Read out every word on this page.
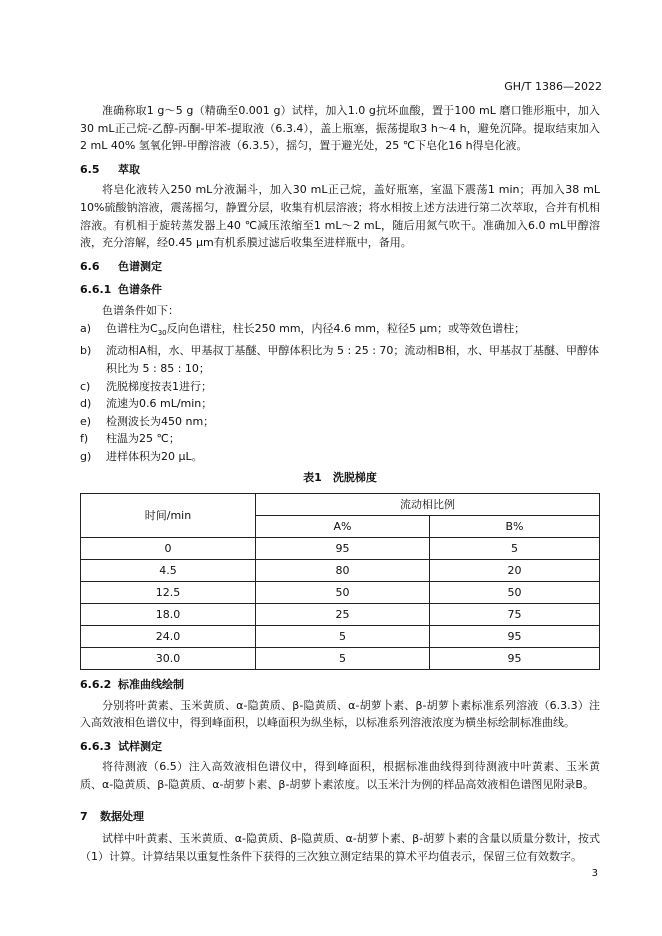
GH/T 1386—2022

准确称取1 g～5 g（精确至0.001 g）试样，加入1.0 g抗坏血酸，置于100 mL 磨口锥形瓶中，加入30 mL正己烷-乙醇-丙酮-甲苯-提取液（6.3.4），盖上瓶塞，振荡提取3 h～4 h，避免沉降。提取结束加入2 mL 40% 氢氧化钾-甲醇溶液（6.3.5），摇匀，置于避光处，25 ℃下皂化16 h得皂化液。

6.5 萃取

将皂化液转入250 mL分液漏斗，加入30 mL正己烷，盖好瓶塞，室温下震荡1 min；再加入38 mL 10%硫酸钠溶液，震荡摇匀，静置分层，收集有机层溶液；将水相按上述方法进行第二次萃取，合并有机相溶液。有机相于旋转蒸发器上40 ℃减压浓缩至1 mL～2 mL，随后用氮气吹干。准确加入6.0 mL甲醇溶液，充分溶解，经0.45 μm有机系膜过滤后收集至进样瓶中，备用。

6.6 色谱测定
6.6.1 色谱条件

色谱条件如下：

a) 色谱柱为$C_{30}$反向色谱柱，柱长250 mm，内径4.6 mm，粒径5 μm；或等效色谱柱；
b) 流动相A相，水、甲基叔丁基醚、甲醇体积比为 5 : 25 : 70；流动相B相，水、甲基叔丁基醚、甲醇体积比为 5 : 85 : 10；
c) 洗脱梯度按表1进行；
d) 流速为0.6 mL/min；
e) 检测波长为450 nm；
f) 柱温为25 ℃；
g) 进样体积为20 μL。
表1　洗脱梯度
时间/min	流动相比例	
	A%	B%
0	95	5
4.5	80	20
12.5	50	50
18.0	25	75
24.0	5	95
30.0	5	95
6.6.2 标准曲线绘制

分别将叶黄素、玉米黄质、α-隐黄质、β-隐黄质、α-胡萝卜素、β-胡萝卜素标准系列溶液（6.3.3）注入高效液相色谱仪中，得到峰面积，以峰面积为纵坐标，以标准系列溶液浓度为横坐标绘制标准曲线。

6.6.3 试样测定

将待测液（6.5）注入高效液相色谱仪中，得到峰面积，根据标准曲线得到待测液中叶黄素、玉米黄质、α-隐黄质、β-隐黄质、α-胡萝卜素、β-胡萝卜素浓度。以玉米汁为例的样品高效液相色谱图见附录B。

7 数据处理

试样中叶黄素、玉米黄质、α-隐黄质、β-隐黄质、α-胡萝卜素、β-胡萝卜素的含量以质量分数计，按式（1）计算。计算结果以重复性条件下获得的三次独立测定结果的算术平均值表示，保留三位有效数字。

3
